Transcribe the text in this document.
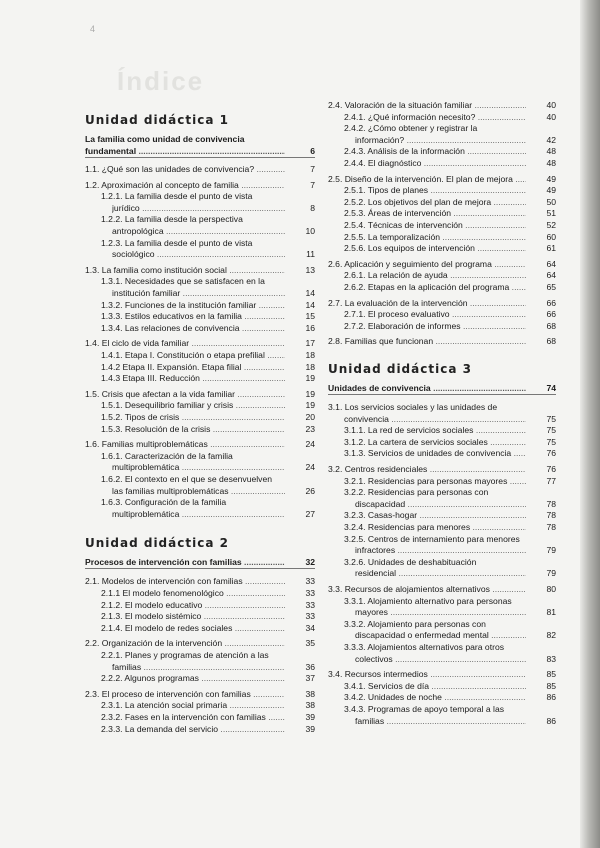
4
Índice
Unidad didáctica 1
La familia como unidad de convivencia
fundamental .....	6
1.1. ¿Qué son las unidades de convivencia? .....	7
1.2. Aproximación al concepto de familia .....	7
1.2.1. La familia desde el punto de vista
jurídico .....	8
1.2.2. La familia desde la perspectiva
antropológica .....	10
1.2.3. La familia desde el punto de vista
sociológico .....	11
1.3. La familia como institución social .....	13
1.3.1. Necesidades que se satisfacen en la
institución familiar .....	14
1.3.2. Funciones de la institución familiar .....	14
1.3.3. Estilos educativos en la familia .....	15
1.3.4. Las relaciones de convivencia .....	16
1.4. El ciclo de vida familiar .....	17
1.4.1. Etapa I. Constitución o etapa prefilial .....	18
1.4.2 Etapa II. Expansión. Etapa filial .....	18
1.4.3 Etapa III. Reducción .....	19
1.5. Crisis que afectan a la vida familiar .....	19
1.5.1. Desequilibrio familiar y crisis .....	19
1.5.2. Tipos de crisis .....	20
1.5.3. Resolución de la crisis .....	23
1.6. Familias multiproblemáticas .....	24
1.6.1. Caracterización de la familia
multiproblemática .....	24
1.6.2. El contexto en el que se desenvuelven
las familias multiproblemáticas .....	26
1.6.3. Configuración de la familia
multiproblemática .....	27
Unidad didáctica 2
Procesos de intervención con familias .....	32
2.1. Modelos de intervención con familias .....	33
2.1.1 El modelo fenomenológico .....	33
2.1.2. El modelo educativo .....	33
2.1.3. El modelo sistémico .....	33
2.1.4. El modelo de redes sociales .....	34
2.2. Organización de la intervención .....	35
2.2.1. Planes y programas de atención a las
familias .....	36
2.2.2. Algunos programas .....	37
2.3. El proceso de intervención con familias .....	38
2.3.1. La atención social primaria .....	38
2.3.2. Fases en la intervención con familias .....	39
2.3.3. La demanda del servicio .....	39
2.4. Valoración de la situación familiar .....	40
2.4.1. ¿Qué información necesito? .....	40
2.4.2. ¿Cómo obtener y registrar la
información? .....	42
2.4.3. Análisis de la información .....	48
2.4.4. El diagnóstico .....	48
2.5. Diseño de la intervención. El plan de mejora .....	49
2.5.1. Tipos de planes .....	49
2.5.2. Los objetivos del plan de mejora .....	50
2.5.3. Áreas de intervención .....	51
2.5.4. Técnicas de intervención .....	52
2.5.5. La temporalización .....	60
2.5.6. Los equipos de intervención .....	61
2.6. Aplicación y seguimiento del programa .....	64
2.6.1. La relación de ayuda .....	64
2.6.2. Etapas en la aplicación del programa .....	65
2.7. La evaluación de la intervención .....	66
2.7.1. El proceso evaluativo .....	66
2.7.2. Elaboración de informes .....	68
2.8. Familias que funcionan .....	68
Unidad didáctica 3
Unidades de convivencia .....	74
3.1. Los servicios sociales y las unidades de
convivencia .....	75
3.1.1. La red de servicios sociales .....	75
3.1.2. La cartera de servicios sociales .....	75
3.1.3. Servicios de unidades de convivencia .....	76
3.2. Centros residenciales .....	76
3.2.1. Residencias para personas mayores .....	77
3.2.2. Residencias para personas con
discapacidad .....	78
3.2.3. Casas-hogar .....	78
3.2.4. Residencias para menores .....	78
3.2.5. Centros de internamiento para menores
infractores .....	79
3.2.6. Unidades de deshabituación
residencial .....	79
3.3. Recursos de alojamientos alternativos .....	80
3.3.1. Alojamiento alternativo para personas
mayores .....	81
3.3.2. Alojamiento para personas con
discapacidad o enfermedad mental .....	82
3.3.3. Alojamientos alternativos para otros
colectivos .....	83
3.4. Recursos intermedios .....	85
3.4.1. Servicios de día .....	85
3.4.2. Unidades de noche .....	86
3.4.3. Programas de apoyo temporal a las
familias .....	86
